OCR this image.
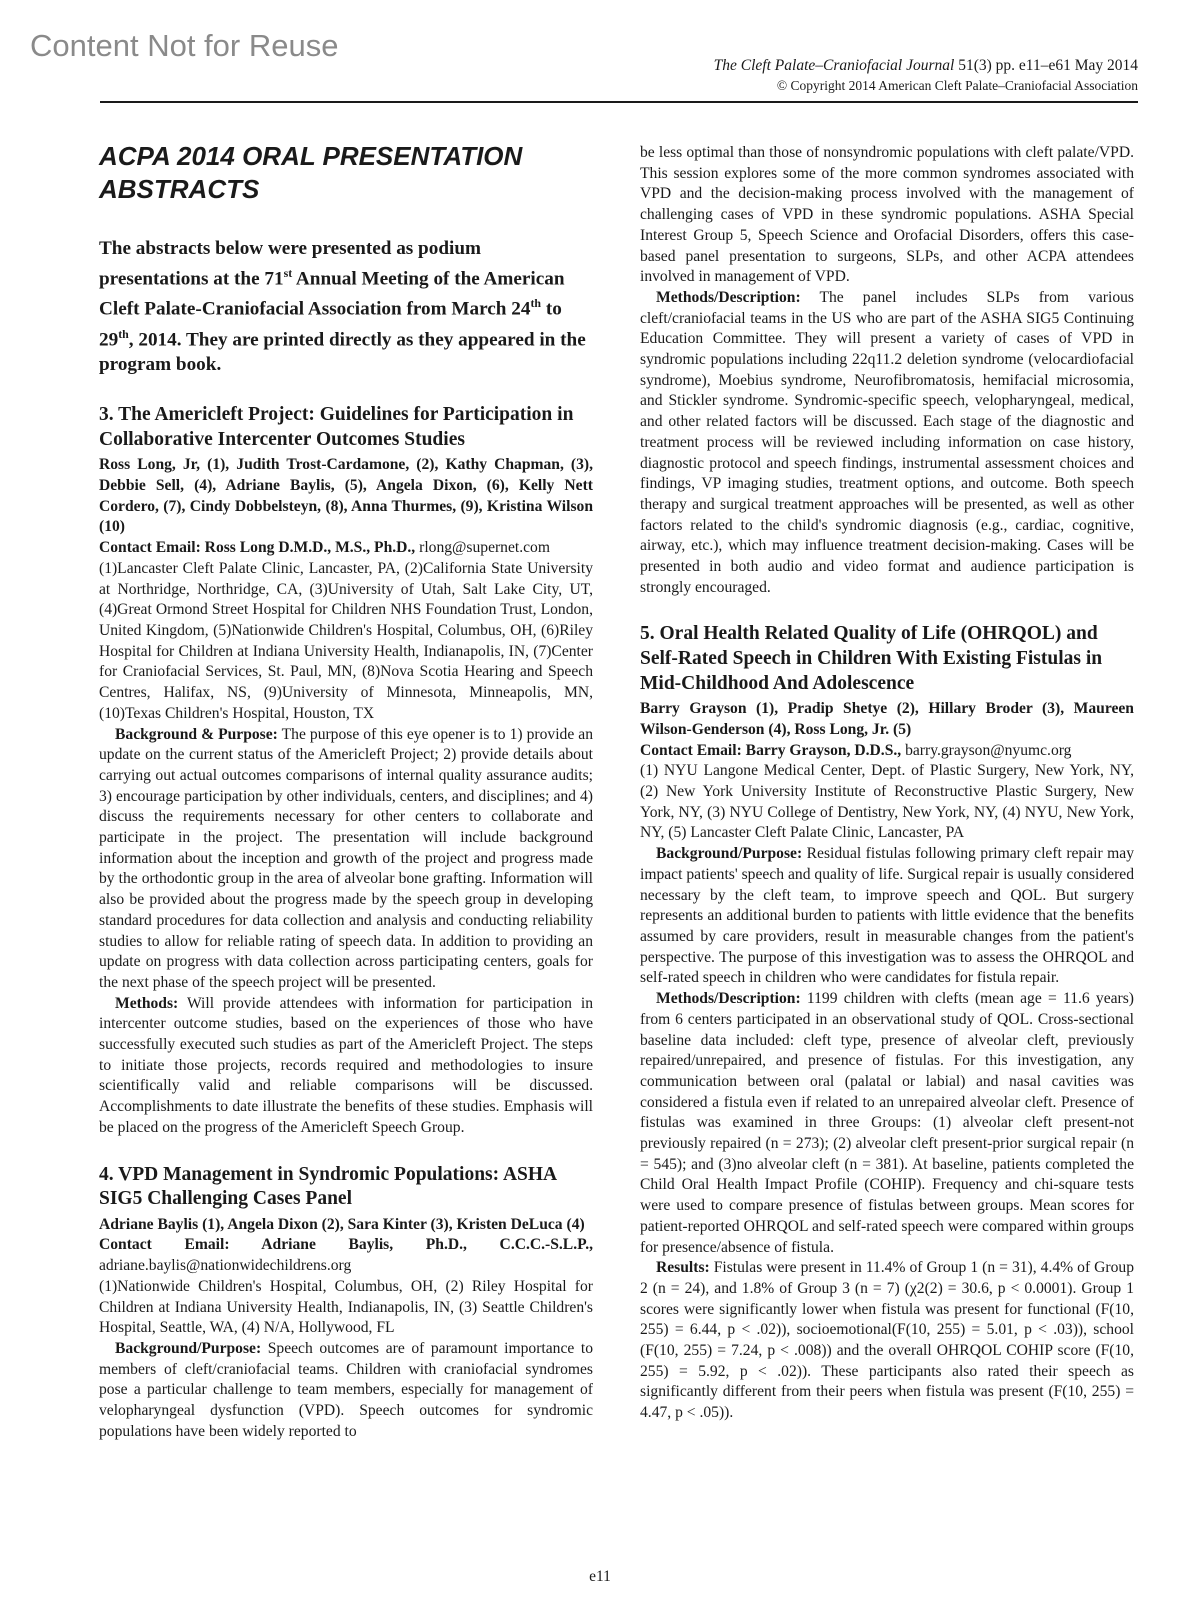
Content Not for Reuse
The Cleft Palate–Craniofacial Journal 51(3) pp. e11–e61 May 2014
© Copyright 2014 American Cleft Palate–Craniofacial Association
ACPA 2014 ORAL PRESENTATION ABSTRACTS

The abstracts below were presented as podium presentations at the 71st Annual Meeting of the American Cleft Palate-Craniofacial Association from March 24th to 29th, 2014. They are printed directly as they appeared in the program book.

3. The Americleft Project: Guidelines for Participation in Collaborative Intercenter Outcomes Studies

Ross Long, Jr, (1), Judith Trost-Cardamone, (2), Kathy Chapman, (3), Debbie Sell, (4), Adriane Baylis, (5), Angela Dixon, (6), Kelly Nett Cordero, (7), Cindy Dobbelsteyn, (8), Anna Thurmes, (9), Kristina Wilson (10)

Contact Email: Ross Long D.M.D., M.S., Ph.D., rlong@supernet.com

(1)Lancaster Cleft Palate Clinic, Lancaster, PA, (2)California State University at Northridge, Northridge, CA, (3)University of Utah, Salt Lake City, UT, (4)Great Ormond Street Hospital for Children NHS Foundation Trust, London, United Kingdom, (5)Nationwide Children's Hospital, Columbus, OH, (6)Riley Hospital for Children at Indiana University Health, Indianapolis, IN, (7)Center for Craniofacial Services, St. Paul, MN, (8)Nova Scotia Hearing and Speech Centres, Halifax, NS, (9)University of Minnesota, Minneapolis, MN, (10)Texas Children's Hospital, Houston, TX

Background & Purpose: The purpose of this eye opener is to 1) provide an update on the current status of the Americleft Project; 2) provide details about carrying out actual outcomes comparisons of internal quality assurance audits; 3) encourage participation by other individuals, centers, and disciplines; and 4) discuss the requirements necessary for other centers to collaborate and participate in the project. The presentation will include background information about the inception and growth of the project and progress made by the orthodontic group in the area of alveolar bone grafting. Information will also be provided about the progress made by the speech group in developing standard procedures for data collection and analysis and conducting reliability studies to allow for reliable rating of speech data. In addition to providing an update on progress with data collection across participating centers, goals for the next phase of the speech project will be presented.

Methods: Will provide attendees with information for participation in intercenter outcome studies, based on the experiences of those who have successfully executed such studies as part of the Americleft Project. The steps to initiate those projects, records required and methodologies to insure scientifically valid and reliable comparisons will be discussed. Accomplishments to date illustrate the benefits of these studies. Emphasis will be placed on the progress of the Americleft Speech Group.

4. VPD Management in Syndromic Populations: ASHA SIG5 Challenging Cases Panel

Adriane Baylis (1), Angela Dixon (2), Sara Kinter (3), Kristen DeLuca (4)

Contact Email: Adriane Baylis, Ph.D., C.C.C.-S.L.P., adriane.baylis@nationwidechildrens.org

(1)Nationwide Children's Hospital, Columbus, OH, (2) Riley Hospital for Children at Indiana University Health, Indianapolis, IN, (3) Seattle Children's Hospital, Seattle, WA, (4) N/A, Hollywood, FL

Background/Purpose: Speech outcomes are of paramount importance to members of cleft/craniofacial teams. Children with craniofacial syndromes pose a particular challenge to team members, especially for management of velopharyngeal dysfunction (VPD). Speech outcomes for syndromic populations have been widely reported to

be less optimal than those of nonsyndromic populations with cleft palate/VPD. This session explores some of the more common syndromes associated with VPD and the decision-making process involved with the management of challenging cases of VPD in these syndromic populations. ASHA Special Interest Group 5, Speech Science and Orofacial Disorders, offers this case-based panel presentation to surgeons, SLPs, and other ACPA attendees involved in management of VPD.

Methods/Description: The panel includes SLPs from various cleft/craniofacial teams in the US who are part of the ASHA SIG5 Continuing Education Committee. They will present a variety of cases of VPD in syndromic populations including 22q11.2 deletion syndrome (velocardiofacial syndrome), Moebius syndrome, Neurofibromatosis, hemifacial microsomia, and Stickler syndrome. Syndromic-specific speech, velopharyngeal, medical, and other related factors will be discussed. Each stage of the diagnostic and treatment process will be reviewed including information on case history, diagnostic protocol and speech findings, instrumental assessment choices and findings, VP imaging studies, treatment options, and outcome. Both speech therapy and surgical treatment approaches will be presented, as well as other factors related to the child's syndromic diagnosis (e.g., cardiac, cognitive, airway, etc.), which may influence treatment decision-making. Cases will be presented in both audio and video format and audience participation is strongly encouraged.

5. Oral Health Related Quality of Life (OHRQOL) and Self-Rated Speech in Children With Existing Fistulas in Mid-Childhood And Adolescence

Barry Grayson (1), Pradip Shetye (2), Hillary Broder (3), Maureen Wilson-Genderson (4), Ross Long, Jr. (5)

Contact Email: Barry Grayson, D.D.S., barry.grayson@nyumc.org

(1) NYU Langone Medical Center, Dept. of Plastic Surgery, New York, NY, (2) New York University Institute of Reconstructive Plastic Surgery, New York, NY, (3) NYU College of Dentistry, New York, NY, (4) NYU, New York, NY, (5) Lancaster Cleft Palate Clinic, Lancaster, PA

Background/Purpose: Residual fistulas following primary cleft repair may impact patients' speech and quality of life. Surgical repair is usually considered necessary by the cleft team, to improve speech and QOL. But surgery represents an additional burden to patients with little evidence that the benefits assumed by care providers, result in measurable changes from the patient's perspective. The purpose of this investigation was to assess the OHRQOL and self-rated speech in children who were candidates for fistula repair.

Methods/Description: 1199 children with clefts (mean age = 11.6 years) from 6 centers participated in an observational study of QOL. Cross-sectional baseline data included: cleft type, presence of alveolar cleft, previously repaired/unrepaired, and presence of fistulas. For this investigation, any communication between oral (palatal or labial) and nasal cavities was considered a fistula even if related to an unrepaired alveolar cleft. Presence of fistulas was examined in three Groups: (1) alveolar cleft present-not previously repaired (n = 273); (2) alveolar cleft present-prior surgical repair (n = 545); and (3)no alveolar cleft (n = 381). At baseline, patients completed the Child Oral Health Impact Profile (COHIP). Frequency and chi-square tests were used to compare presence of fistulas between groups. Mean scores for patient-reported OHRQOL and self-rated speech were compared within groups for presence/absence of fistula.

Results: Fistulas were present in 11.4% of Group 1 (n = 31), 4.4% of Group 2 (n = 24), and 1.8% of Group 3 (n = 7) (χ2(2) = 30.6, p < 0.0001). Group 1 scores were significantly lower when fistula was present for functional (F(10, 255) = 6.44, p < .02)), socioemotional(F(10, 255) = 5.01, p < .03)), school (F(10, 255) = 7.24, p < .008)) and the overall OHRQOL COHIP score (F(10, 255) = 5.92, p < .02)). These participants also rated their speech as significantly different from their peers when fistula was present (F(10, 255) = 4.47, p < .05)).

e11
